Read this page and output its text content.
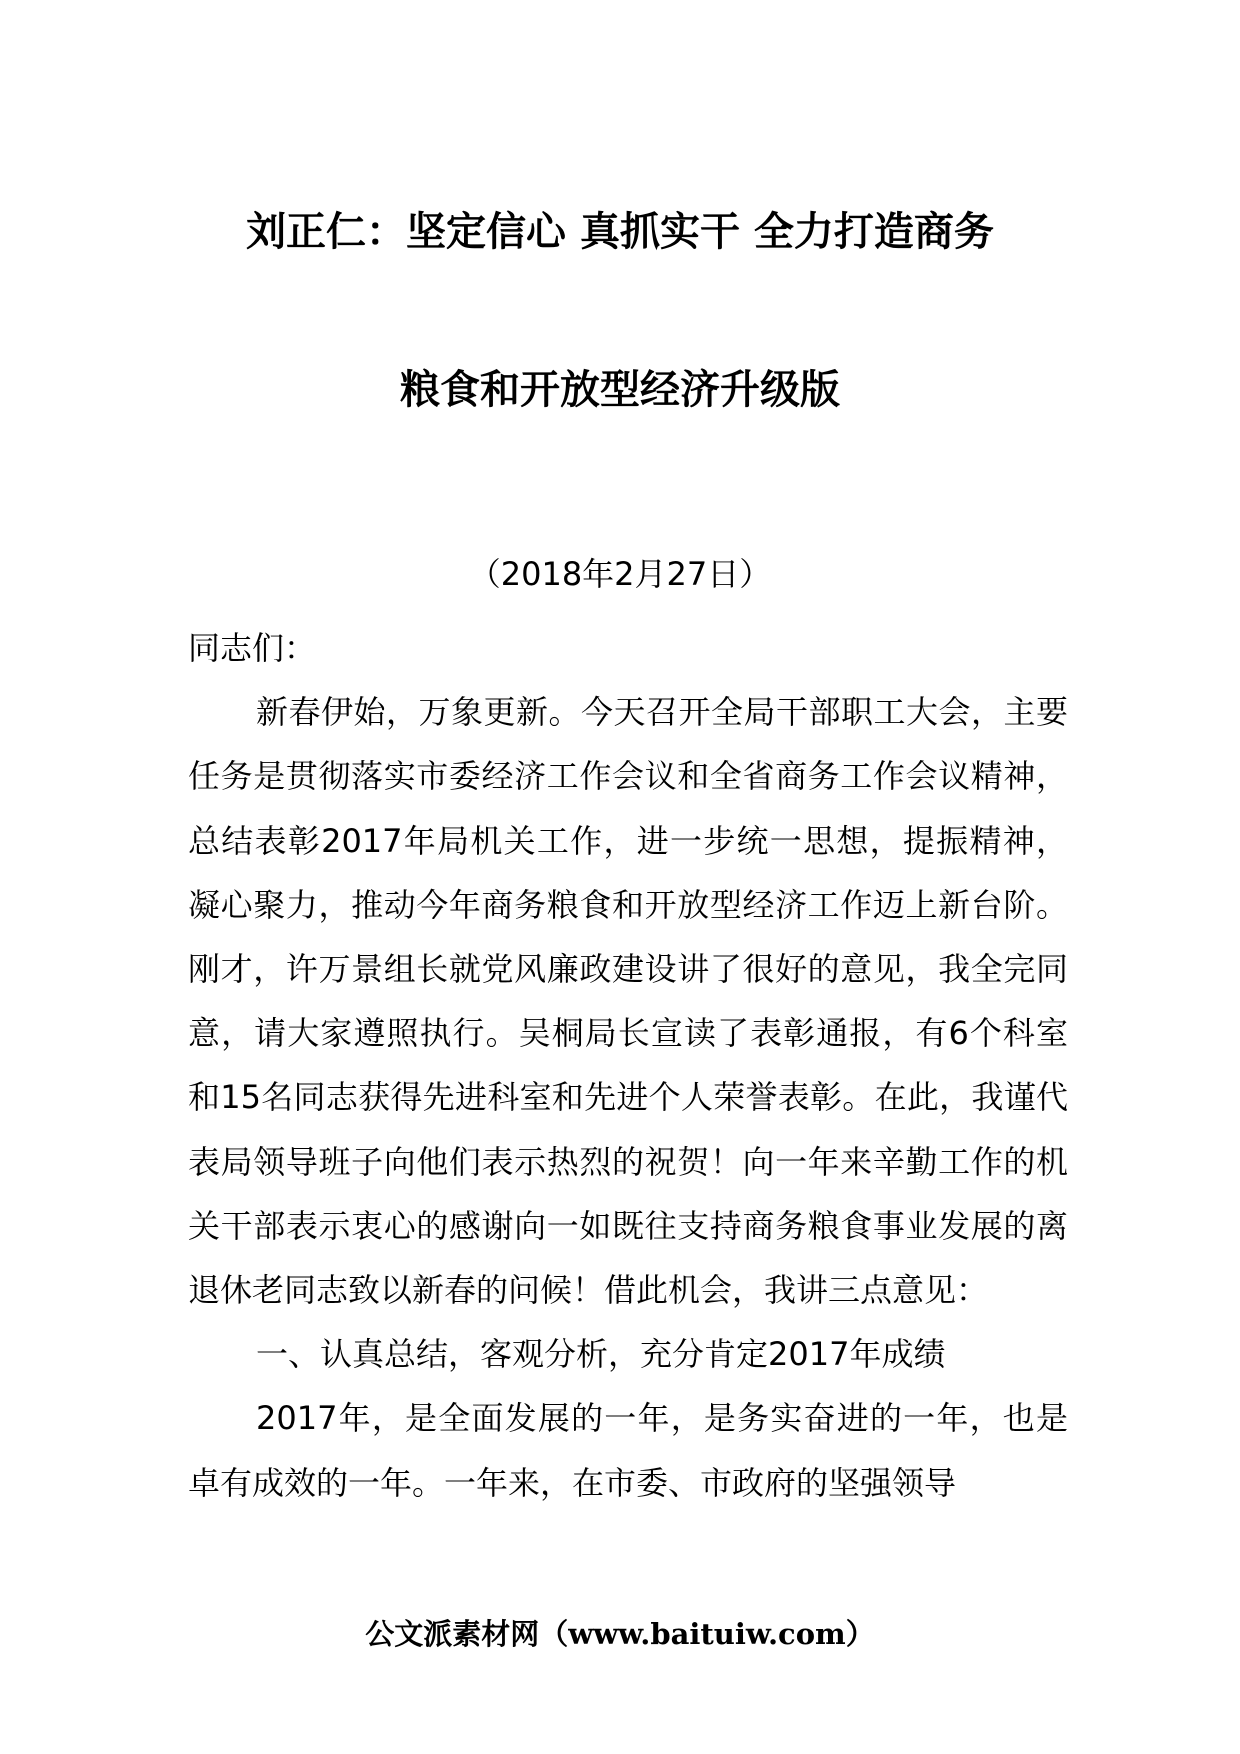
刘正仁：坚定信心 真抓实干 全力打造商务
粮食和开放型经济升级版
（2018年2月27日）

同志们：

新春伊始，万象更新。今天召开全局干部职工大会，主要任务是贯彻落实市委经济工作会议和全省商务工作会议精神，总结表彰2017年局机关工作，进一步统一思想，提振精神，凝心聚力，推动今年商务粮食和开放型经济工作迈上新台阶。刚才，许万景组长就党风廉政建设讲了很好的意见，我全完同意，请大家遵照执行。吴桐局长宣读了表彰通报，有6个科室和15名同志获得先进科室和先进个人荣誉表彰。在此，我谨代表局领导班子向他们表示热烈的祝贺！向一年来辛勤工作的机关干部表示衷心的感谢向一如既往支持商务粮食事业发展的离退休老同志致以新春的问候！借此机会，我讲三点意见：

一、认真总结，客观分析，充分肯定2017年成绩

2017年，是全面发展的一年，是务实奋进的一年，也是卓有成效的一年。一年来，在市委、市政府的坚强领导

公文派素材网（www.baituiw.com）
